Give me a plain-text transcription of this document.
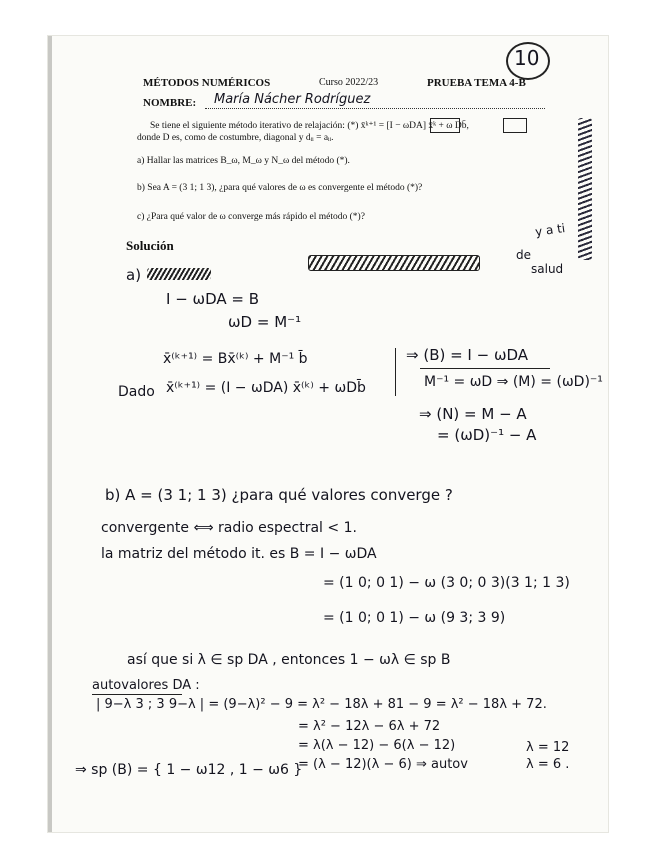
10
MÉTODOS NUMÉRICOS	Curso 2022/23	PRUEBA TEMA 4-B
NOMBRE: María Nácher Rodríguez
Se tiene el siguiente método iterativo de relajación: (*) x̄ᵏ⁺¹ = [I − ωDA] x̄ᵏ + ω Db̄,
donde D es, como de costumbre, diagonal y dᵢᵢ = aᵢᵢ.
a) Hallar las matrices B_ω, M_ω y N_ω del método (*).
b) Sea A = (3 1; 1 3), ¿para qué valores de ω es convergente el método (*)?
c) ¿Para qué valor de ω converge más rápido el método (*)?
Solución
y a ti
de
salud
a)
I − ωDA = B
ωD = M⁻¹
x̄⁽ᵏ⁺¹⁾ = Bx̄⁽ᵏ⁾ + M⁻¹ b̄
Dado x̄⁽ᵏ⁺¹⁾ = (I − ωDA) x̄⁽ᵏ⁾ + ωDb̄
⇒ (B) = I − ωDA
M⁻¹ = ωD ⇒ (M) = (ωD)⁻¹
⇒ (N) = M − A
= (ωD)⁻¹ − A
b) A = (3 1; 1 3) ¿para qué valores converge ?
convergente ⟺ radio espectral < 1.
la matriz del método it. es B = I − ωDA
= (1 0; 0 1) − ω (3 0; 0 3)(3 1; 1 3)
= (1 0; 0 1) − ω (9 3; 3 9)
así que si λ ∈ sp DA , entonces 1 − ωλ ∈ sp B
autovalores DA :
| 9−λ 3 ; 3 9−λ | = (9−λ)² − 9 = λ² − 18λ + 81 − 9 = λ² − 18λ + 72.
= λ² − 12λ − 6λ + 72
= λ(λ − 12) − 6(λ − 12)
= (λ − 12)(λ − 6) ⇒ autov
λ = 12
λ = 6 .
⇒ sp (B) = { 1 − ω12 , 1 − ω6 }
